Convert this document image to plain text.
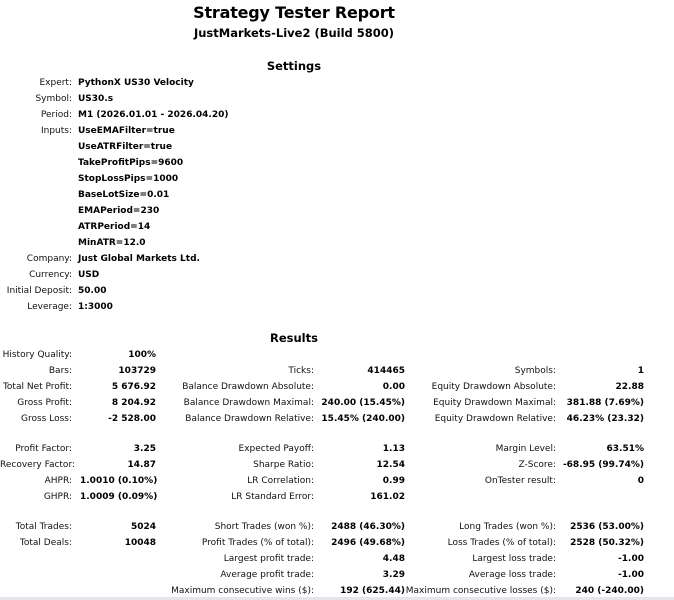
Strategy Tester Report
JustMarkets-Live2 (Build 5800)
Settings
Expert: PythonX US30 Velocity
Symbol: US30.s
Period: M1 (2026.01.01 - 2026.04.20)
Inputs: UseEMAFilter=true
UseATRFilter=true
TakeProfitPips=9600
StopLossPips=1000
BaseLotSize=0.01
EMAPeriod=230
ATRPeriod=14
MinATR=12.0
Company: Just Global Markets Ltd.
Currency: USD
Initial Deposit: 50.00
Leverage: 1:3000
Results
History Quality:	100%
Bars:	103729	Ticks:	414465	Symbols:	1
Total Net Profit:	5 676.92	Balance Drawdown Absolute:	0.00	Equity Drawdown Absolute:	22.88
Gross Profit:	8 204.92	Balance Drawdown Maximal: 240.00 (15.45%)	Equity Drawdown Maximal:	381.88 (7.69%)
Gross Loss:	-2 528.00	Balance Drawdown Relative: 15.45% (240.00)	Equity Drawdown Relative:	46.23% (23.32)
Profit Factor:	3.25	Expected Payoff:	1.13	Margin Level:	63.51%
Recovery Factor:	14.87	Sharpe Ratio:	12.54	Z-Score: -68.95 (99.74%)
AHPR: 1.0010 (0.10%)	LR Correlation:	0.99	OnTester result:	0
GHPR: 1.0009 (0.09%)	LR Standard Error:	161.02
Total Trades:	5024	Short Trades (won %):	2488 (46.30%)	Long Trades (won %):	2536 (53.00%)
Total Deals:	10048	Profit Trades (% of total):	2496 (49.68%)	Loss Trades (% of total):	2528 (50.32%)
Largest profit trade:	4.48	Largest loss trade:	-1.00
Average profit trade:	3.29	Average loss trade:	-1.00
Maximum consecutive wins ($):	192 (625.44) Maximum consecutive losses ($):	240 (-240.00)
